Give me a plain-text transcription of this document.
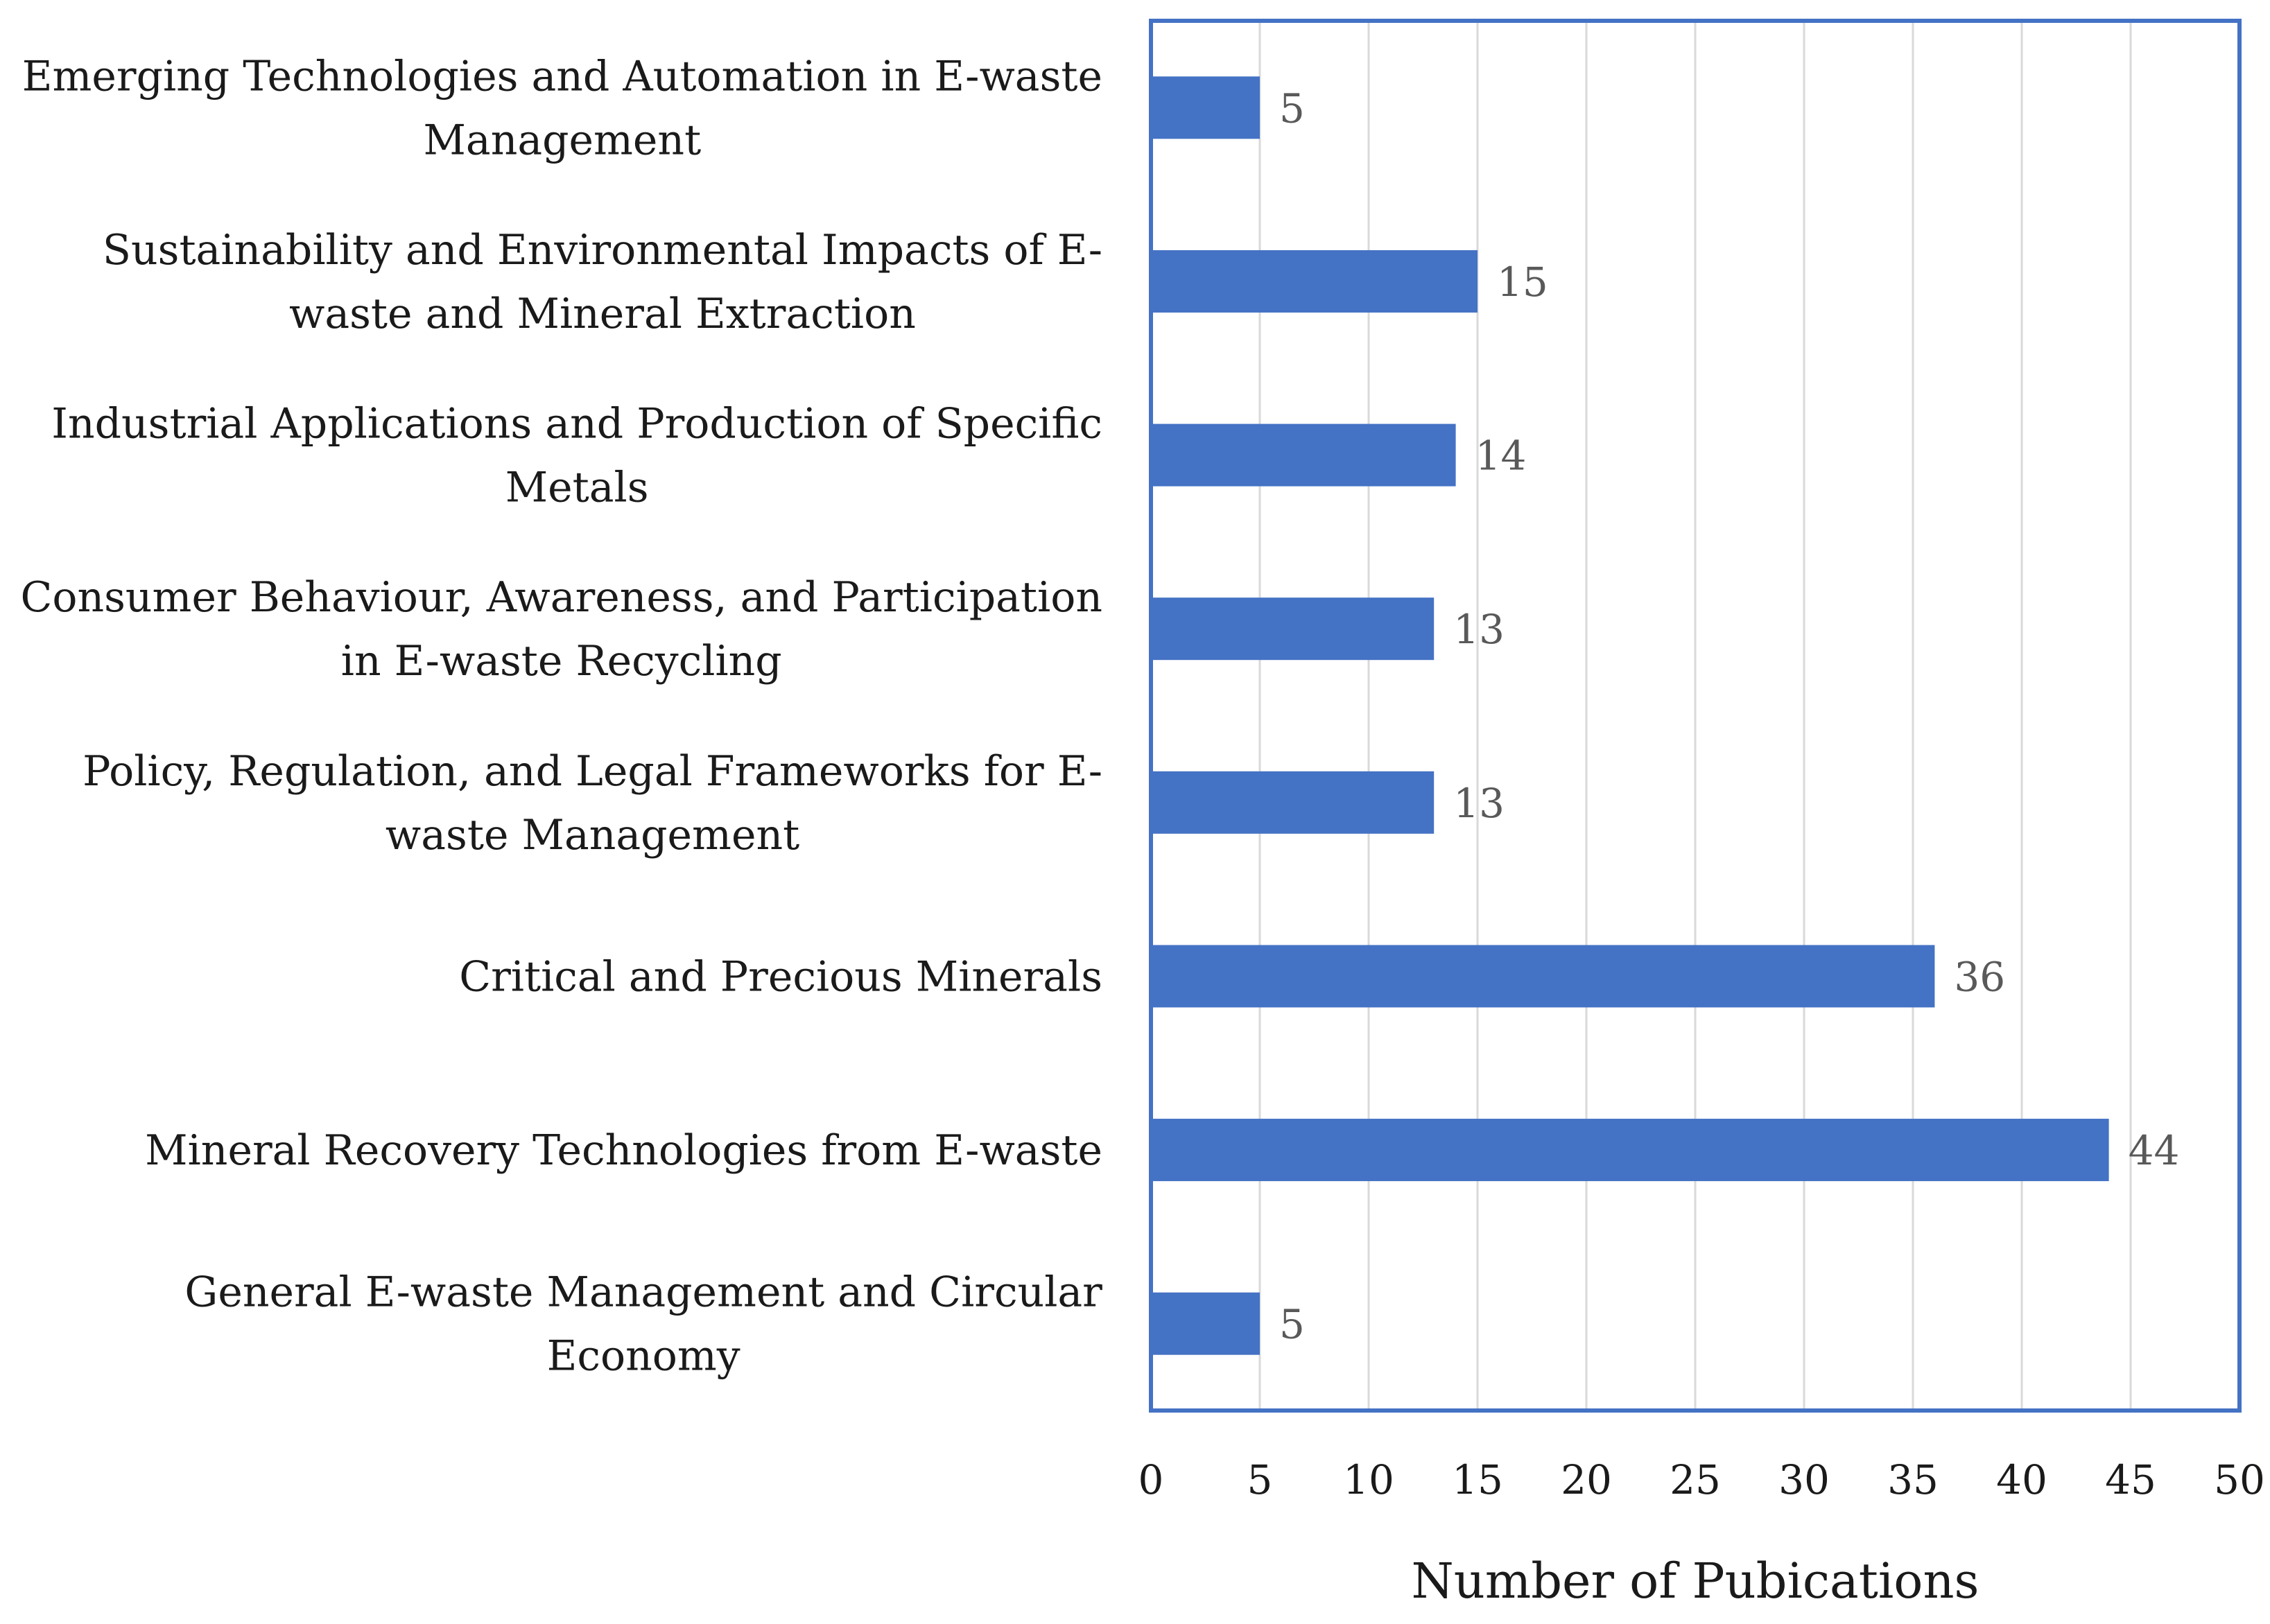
5
15
14
13
13
36
44
5
Emerging Technologies and Automation in E-waste Management
Sustainability and Environmental Impacts of E-waste and Mineral Extraction
Industrial Applications and Production of Specific Metals
Consumer Behaviour, Awareness, and Participation in E-waste Recycling
Policy, Regulation, and Legal Frameworks for E-waste Management
Critical and Precious Minerals
Mineral Recovery Technologies from E-waste
General E-waste Management and Circular Economy
0 5 10 15 20 25 30 35 40 45 50
Number of Pubications
